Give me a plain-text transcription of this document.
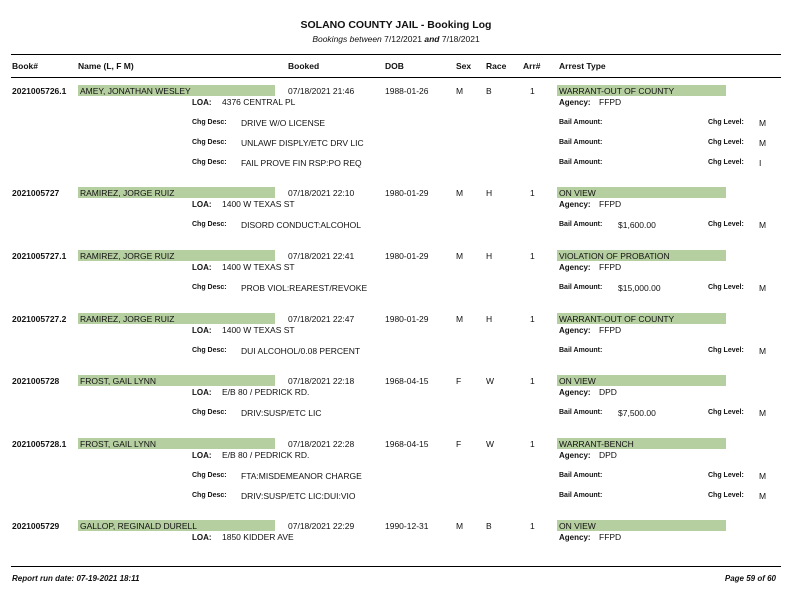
SOLANO COUNTY JAIL - Booking Log
Bookings between 7/12/2021 and 7/18/2021
Book#	Name (L, F M)	Booked	DOB	Sex Race Arr# Arrest Type
2021005726.1 AMEY, JONATHAN WESLEY	07/18/2021 21:46	1988-01-26	M	B	1	WARRANT-OUT OF COUNTY
LOA: 4376 CENTRAL PL	Agency: FFPD
Chg Desc: DRIVE W/O LICENSE	Bail Amount:	Chg Level: M
Chg Desc: UNLAWF DISPLY/ETC DRV LIC	Bail Amount:	Chg Level: M
Chg Desc: FAIL PROVE FIN RSP:PO REQ	Bail Amount:	Chg Level: I
2021005727 RAMIREZ, JORGE RUIZ	07/18/2021 22:10	1980-01-29	M	H	1	ON VIEW
LOA: 1400 W TEXAS ST	Agency: FFPD
Chg Desc: DISORD CONDUCT:ALCOHOL	Bail Amount: $1,600.00	Chg Level: M
2021005727.1 RAMIREZ, JORGE RUIZ	07/18/2021 22:41	1980-01-29	M	H	1	VIOLATION OF PROBATION
LOA: 1400 W TEXAS ST	Agency: FFPD
Chg Desc: PROB VIOL:REAREST/REVOKE	Bail Amount: $15,000.00	Chg Level: M
2021005727.2 RAMIREZ, JORGE RUIZ	07/18/2021 22:47	1980-01-29	M	H	1	WARRANT-OUT OF COUNTY
LOA: 1400 W TEXAS ST	Agency: FFPD
Chg Desc: DUI ALCOHOL/0.08 PERCENT	Bail Amount:	Chg Level: M
2021005728 FROST, GAIL LYNN	07/18/2021 22:18	1968-04-15	F	W	1	ON VIEW
LOA: E/B 80 / PEDRICK RD.	Agency: DPD
Chg Desc: DRIV:SUSP/ETC LIC	Bail Amount: $7,500.00	Chg Level: M
2021005728.1 FROST, GAIL LYNN	07/18/2021 22:28	1968-04-15	F	W	1	WARRANT-BENCH
LOA: E/B 80 / PEDRICK RD.	Agency: DPD
Chg Desc: FTA:MISDEMEANOR CHARGE	Bail Amount:	Chg Level: M
Chg Desc: DRIV:SUSP/ETC LIC:DUI:VIO	Bail Amount:	Chg Level: M
2021005729 GALLOP, REGINALD DURELL	07/18/2021 22:29	1990-12-31	M	B	1	ON VIEW
LOA: 1850 KIDDER AVE	Agency: FFPD
Report run date: 07-19-2021 18:11	Page 59 of 60
